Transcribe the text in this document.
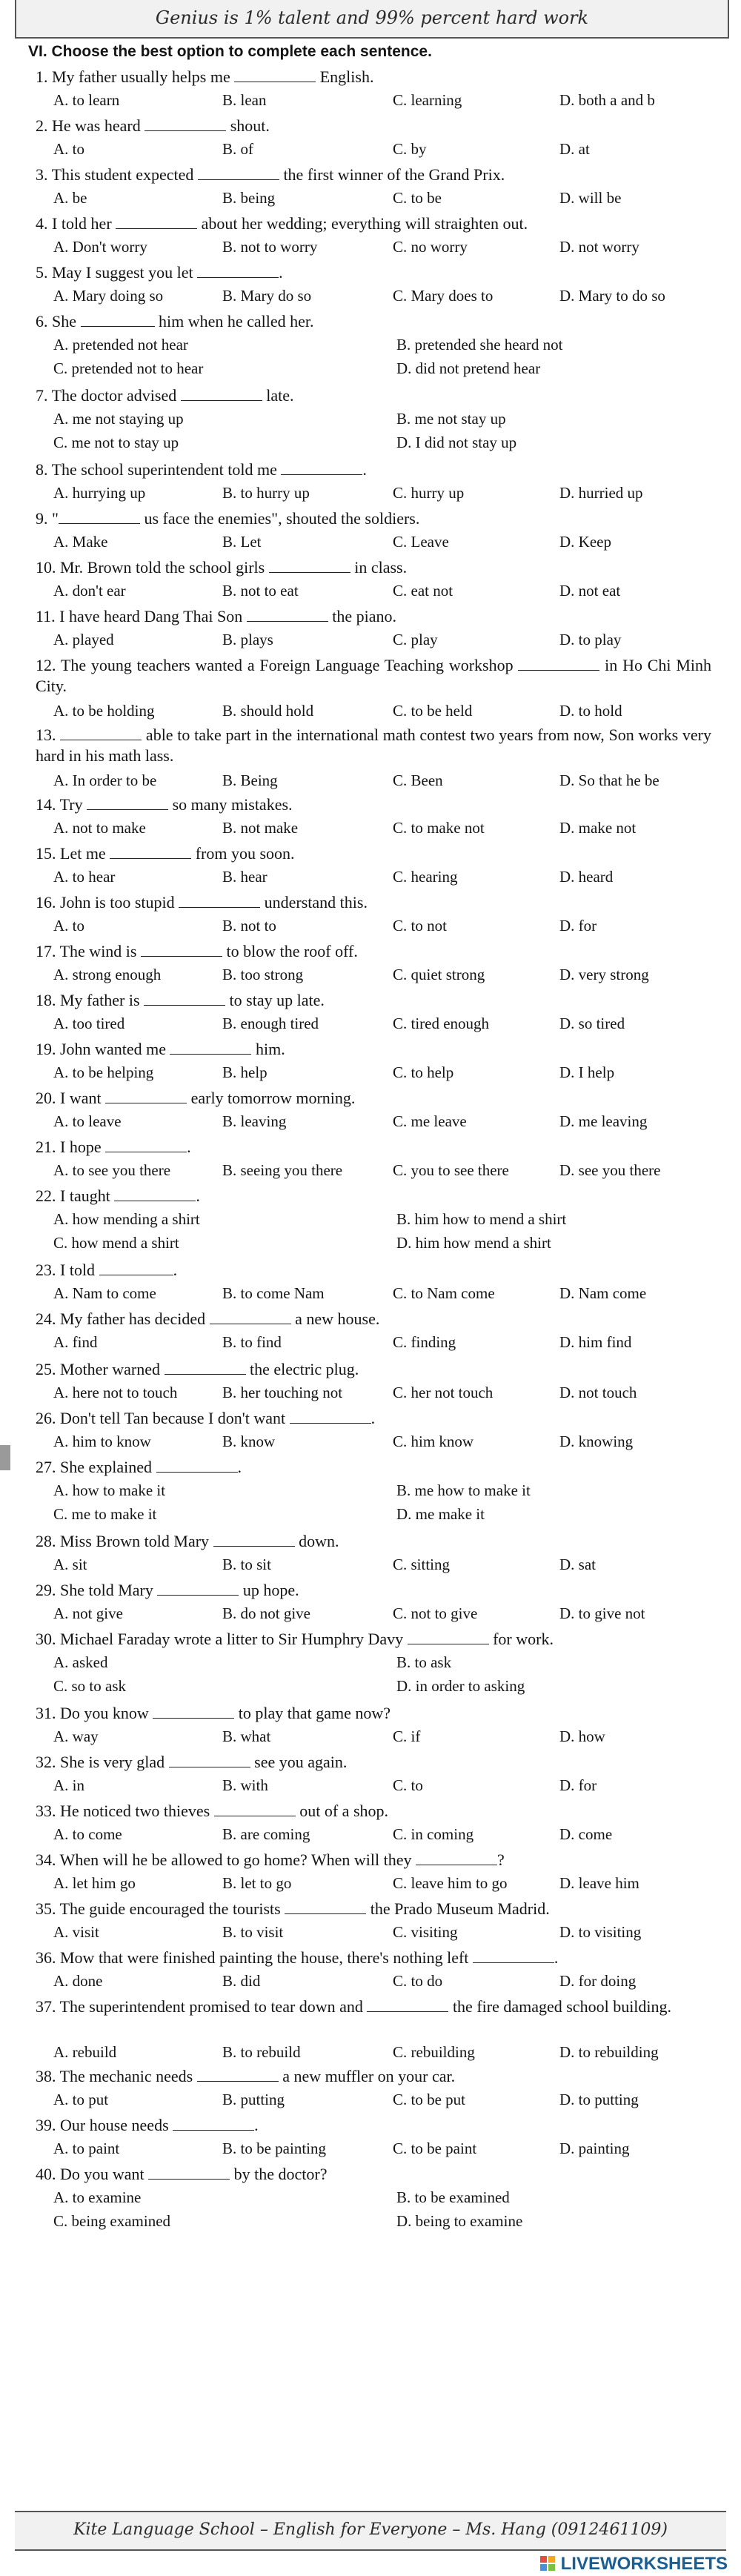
Genius is 1% talent and 99% percent hard work
VI. Choose the best option to complete each sentence.
1. My father usually helps me	English.
A. to learn	B. lean	C. learning	D. both a and b
2. He was heard	shout.
A. to	B. of	C. by	D. at
3. This student expected	the first winner of the Grand Prix.
A. be	B. being	C. to be	D. will be
4. I told her	about her wedding; everything will straighten out.
A. Don't worry	B. not to worry	C. no worry	D. not worry
5. May I suggest you let	.
A. Mary doing so	B. Mary do so	C. Mary does to	D. Mary to do so
6. She	him when he called her.
A. pretended not hear	B. pretended she heard not
C. pretended not to hear	D. did not pretend hear
7. The doctor advised	late.
A. me not staying up	B. me not stay up
C. me not to stay up	D. I did not stay up
8. The school superintendent told me	.
A. hurrying up	B. to hurry up	C. hurry up	D. hurried up
9. "	us face the enemies", shouted the soldiers.
A. Make	B. Let	C. Leave	D. Keep
10. Mr. Brown told the school girls	in class.
A. don't ear	B. not to eat	C. eat not	D. not eat
11. I have heard Dang Thai Son	the piano.
A. played	B. plays	C. play	D. to play
12. The young teachers wanted a Foreign Language Teaching workshop	in Ho Chi Minh City.
A. to be holding	B. should hold	C. to be held	D. to hold
13.	able to take part in the international math contest two years from now, Son works very hard in his math lass.
A. In order to be	B. Being	C. Been	D. So that he be
14. Try	so many mistakes.
A. not to make	B. not make	C. to make not	D. make not
15. Let me	from you soon.
A. to hear	B. hear	C. hearing	D. heard
16. John is too stupid	understand this.
A. to	B. not to	C. to not	D. for
17. The wind is	to blow the roof off.
A. strong enough	B. too strong	C. quiet strong	D. very strong
18. My father is	to stay up late.
A. too tired	B. enough tired	C. tired enough	D. so tired
19. John wanted me	him.
A. to be helping	B. help	C. to help	D. I help
20. I want	early tomorrow morning.
A. to leave	B. leaving	C. me leave	D. me leaving
21. I hope	.
A. to see you there	B. seeing you there	C. you to see there	D. see you there
22. I taught	.
A. how mending a shirt	B. him how to mend a shirt
C. how mend a shirt	D. him how mend a shirt
23. I told	.
A. Nam to come	B. to come Nam	C. to Nam come	D. Nam come
24. My father has decided	a new house.
A. find	B. to find	C. finding	D. him find
25. Mother warned	the electric plug.
A. here not to touch	B. her touching not	C. her not touch	D. not touch
26. Don't tell Tan because I don't want	.
A. him to know	B. know	C. him know	D. knowing
27. She explained	.
A. how to make it	B. me how to make it
C. me to make it	D. me make it
28. Miss Brown told Mary	down.
A. sit	B. to sit	C. sitting	D. sat
29. She told Mary	up hope.
A. not give	B. do not give	C. not to give	D. to give not
30. Michael Faraday wrote a litter to Sir Humphry Davy	for work.
A. asked	B. to ask
C. so to ask	D. in order to asking
31. Do you know	to play that game now?
A. way	B. what	C. if	D. how
32. She is very glad	see you again.
A. in	B. with	C. to	D. for
33. He noticed two thieves	out of a shop.
A. to come	B. are coming	C. in coming	D. come
34. When will he be allowed to go home? When will they	?
A. let him go	B. let to go	C. leave him to go	D. leave him
35. The guide encouraged the tourists	the Prado Museum Madrid.
A. visit	B. to visit	C. visiting	D. to visiting
36. Mow that were finished painting the house, there's nothing left	.
A. done	B. did	C. to do	D. for doing
37. The superintendent promised to tear down and	the fire damaged school building.
A. rebuild	B. to rebuild	C. rebuilding	D. to rebuilding
38. The mechanic needs	a new muffler on your car.
A. to put	B. putting	C. to be put	D. to putting
39. Our house needs	.
A. to paint	B. to be painting	C. to be paint	D. painting
40. Do you want	by the doctor?
A. to examine	B. to be examined
C. being examined	D. being to examine
Kite Language School – English for Everyone – Ms. Hang (0912461109)
LIVEWORKSHEETS
